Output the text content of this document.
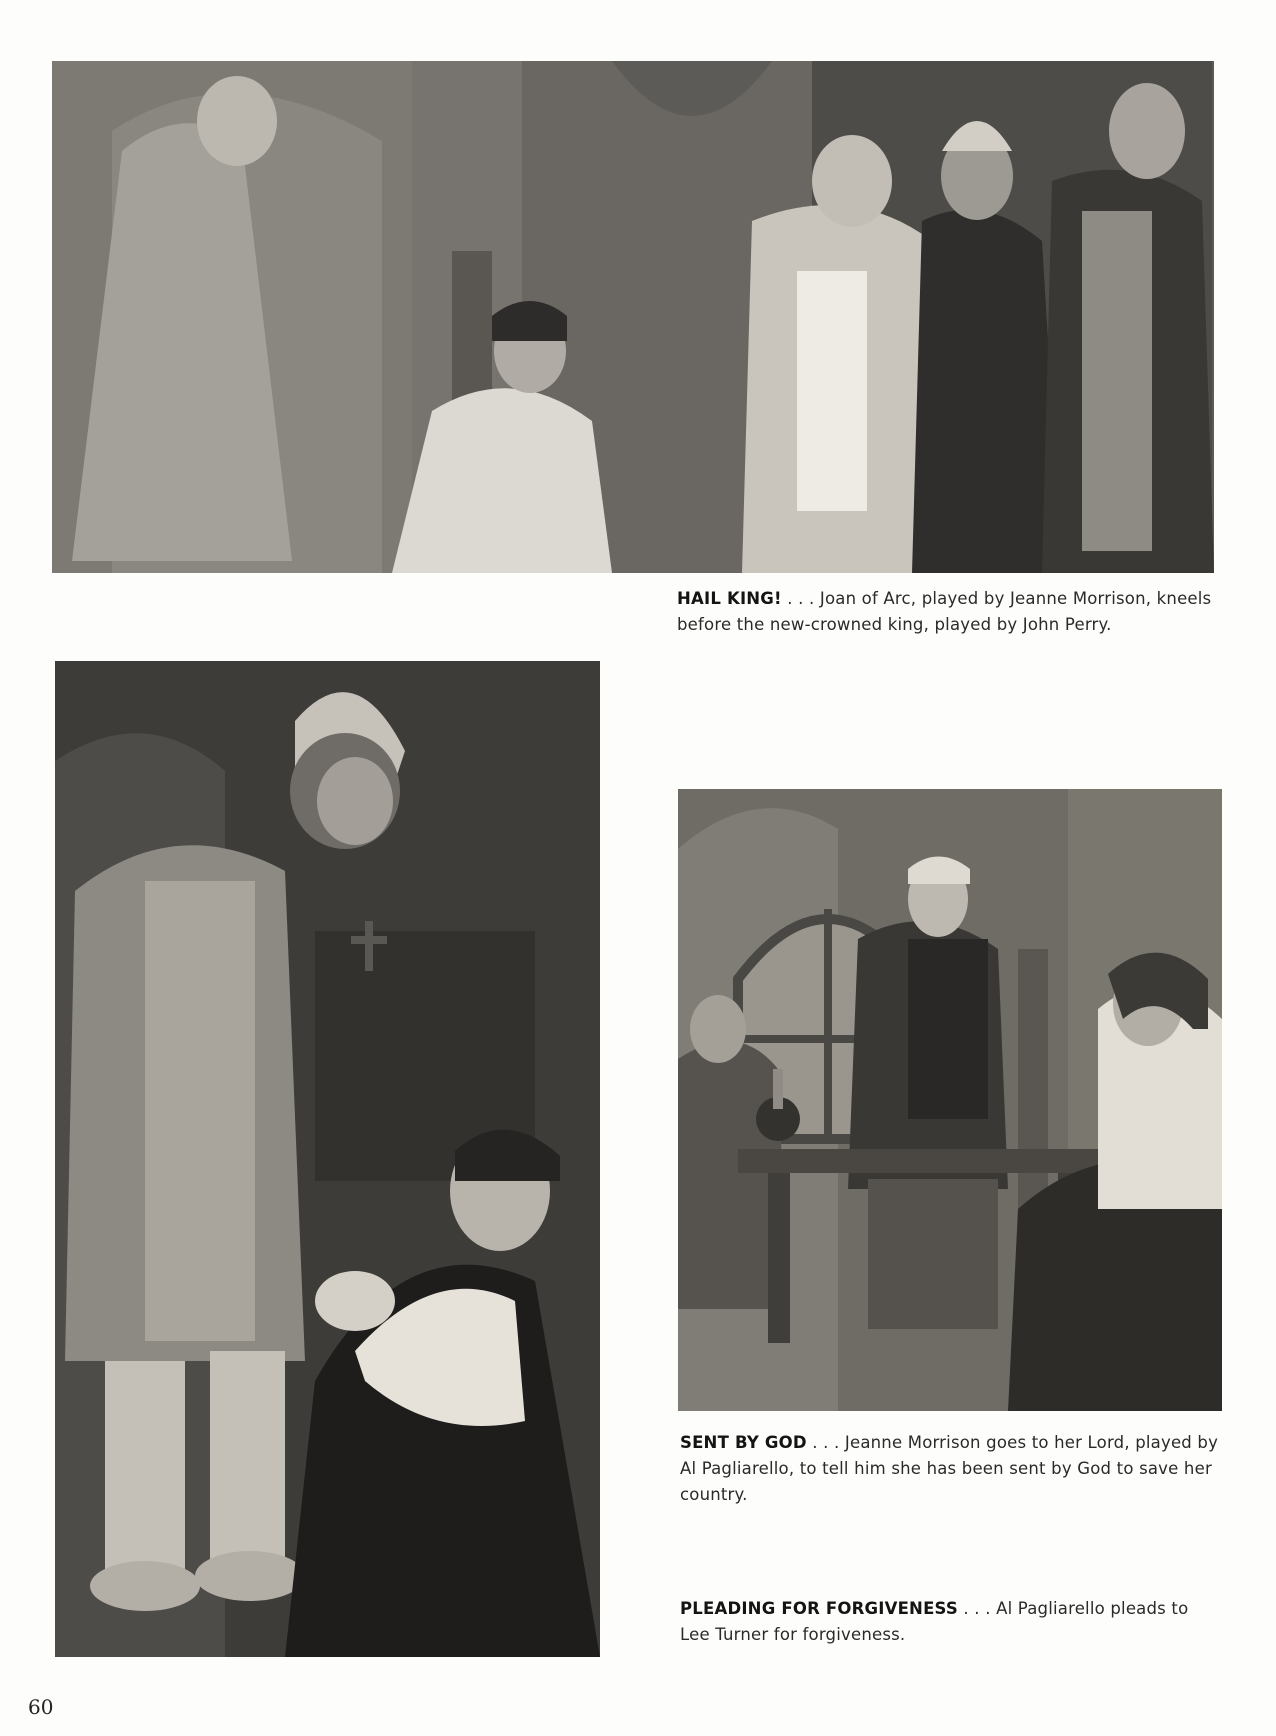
HAIL KING! . . . Joan of Arc, played by Jeanne Morrison, kneels before the new-crowned king, played by John Perry.

SENT BY GOD . . . Jeanne Morrison goes to her Lord, played by Al Pagliarello, to tell him she has been sent by God to save her country.

PLEADING FOR FORGIVENESS . . . Al Pagliarello pleads to Lee Turner for forgiveness.

60
